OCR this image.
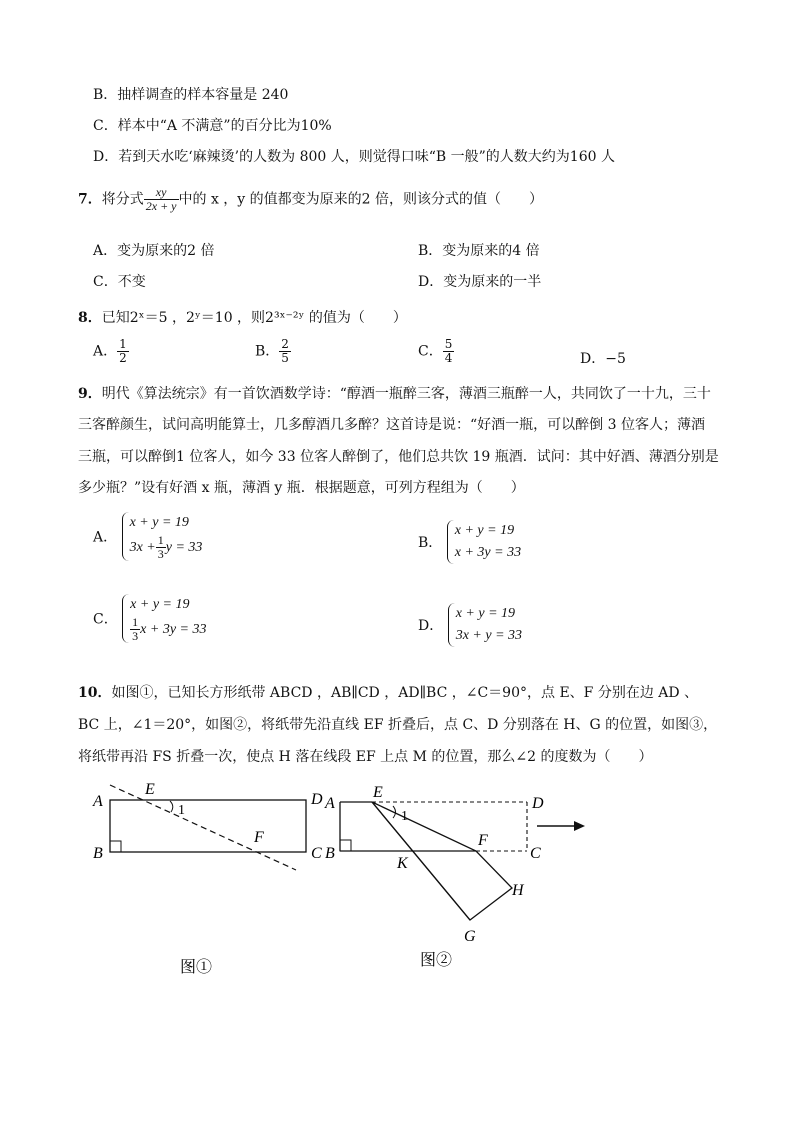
B．抽样调查的样本容量是 240
C．样本中“A 不满意”的百分比为10%
D．若到天水吃‘麻辣烫’的人数为 800 人，则觉得口味“B 一般”的人数大约为160 人
7．将分式 $\frac{xy}{2x + y}$ 中的 x ，y 的值都变为原来的2 倍，则该分式的值（　　）
A．变为原来的2 倍	B．变为原来的4 倍
C．不变	D．变为原来的一半
8．已知2ˣ＝5 ，2ʸ＝10 ，则2³ˣ⁻²ʸ 的值为（　　）
A． $\frac{1}{2}$	B． $\frac{2}{5}$	C． $\frac{5}{4}$	D．−5
9．明代《算法统宗》有一首饮酒数学诗：“醇酒一瓶醉三客，薄酒三瓶醉一人，共同饮了一十九，三十
三客醉颜生，试问高明能算士，几多醇酒几多醉？这首诗是说：“好酒一瓶，可以醉倒 3 位客人；薄酒
三瓶，可以醉倒1 位客人，如今 33 位客人醉倒了，他们总共饮 19 瓶酒．试问：其中好酒、薄酒分别是
多少瓶？”设有好酒 x 瓶，薄酒 y 瓶．根据题意，可列方程组为（　　）
A．
x + y = 19
$3x + \frac{1}{3}$ y = 33	B．
x + y = 19
x + 3y = 33
C．
x + y = 19
$\frac{1}{3}$ x + 3y = 33	D．
x + y = 19
3x + y = 33
10．如图①，已知长方形纸带 ABCD ，AB∥CD ，AD∥BC ，∠C＝90°，点 E、F 分别在边 AD 、
BC 上，∠1＝20°，如图②，将纸带先沿直线 EF 折叠后，点 C、D 分别落在 H、G 的位置，如图③，
将纸带再沿 FS 折叠一次，使点 H 落在线段 EF 上点 M 的位置，那么∠2 的度数为（　　）
A
B	C
D
E
F
1
图①
A
B	C
D
E
F
K
H
G
1
图②
